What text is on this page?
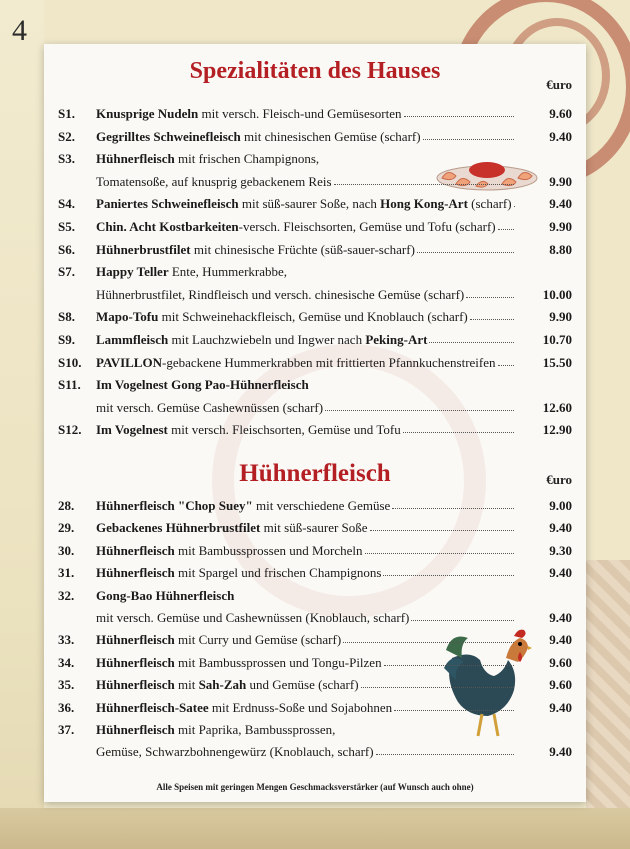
4
Spezialitäten des Hauses
€uro
Hühnerfleisch	€uro
Alle Speisen mit geringen Mengen Geschmacksverstärker (auf Wunsch auch ohne)
S1. Knusprige Nudeln mit versch. Fleisch-und Gemüsesorten	9.60
S2. Gegrilltes Schweinefleisch mit chinesischen Gemüse (scharf)	9.40
S3. Hühnerfleisch mit frischen Champignons,
Tomatensoße, auf knusprig gebackenem Reis	9.90
S4. Paniertes Schweinefleisch mit süß-saurer Soße, nach Hong Kong-Art (scharf)	9.40
S5. Chin. Acht Kostbarkeiten-versch. Fleischsorten, Gemüse und Tofu (scharf)	9.90
S6. Hühnerbrustfilet mit chinesische Früchte (süß-sauer-scharf)	8.80
S7. Happy Teller Ente, Hummerkrabbe,
Hühnerbrustfilet, Rindfleisch und versch. chinesische Gemüse (scharf)	10.00
S8. Mapo-Tofu mit Schweinehackfleisch, Gemüse und Knoblauch (scharf)	9.90
S9. Lammfleisch mit Lauchzwiebeln und Ingwer nach Peking-Art	10.70
S10. PAVILLON-gebackene Hummerkrabben mit frittierten Pfannkuchenstreifen	15.50
S11. Im Vogelnest Gong Pao-Hühnerfleisch
mit versch. Gemüse Cashewnüssen (scharf)	12.60
S12. Im Vogelnest mit versch. Fleischsorten, Gemüse und Tofu	12.90
28. Hühnerfleisch "Chop Suey" mit verschiedene Gemüse	9.00
29. Gebackenes Hühnerbrustfilet mit süß-saurer Soße	9.40
30. Hühnerfleisch mit Bambussprossen und Morcheln	9.30
31. Hühnerfleisch mit Spargel und frischen Champignons	9.40
32. Gong-Bao Hühnerfleisch
mit versch. Gemüse und Cashewnüssen (Knoblauch, scharf)	9.40
33. Hühnerfleisch mit Curry und Gemüse (scharf)	9.40
34. Hühnerfleisch mit Bambussprossen und Tongu-Pilzen	9.60
35. Hühnerfleisch mit Sah-Zah und Gemüse (scharf)	9.60
36. Hühnerfleisch-Satee mit Erdnuss-Soße und Sojabohnen	9.40
37. Hühnerfleisch mit Paprika, Bambussprossen,
Gemüse, Schwarzbohnengewürz (Knoblauch, scharf)	9.40
